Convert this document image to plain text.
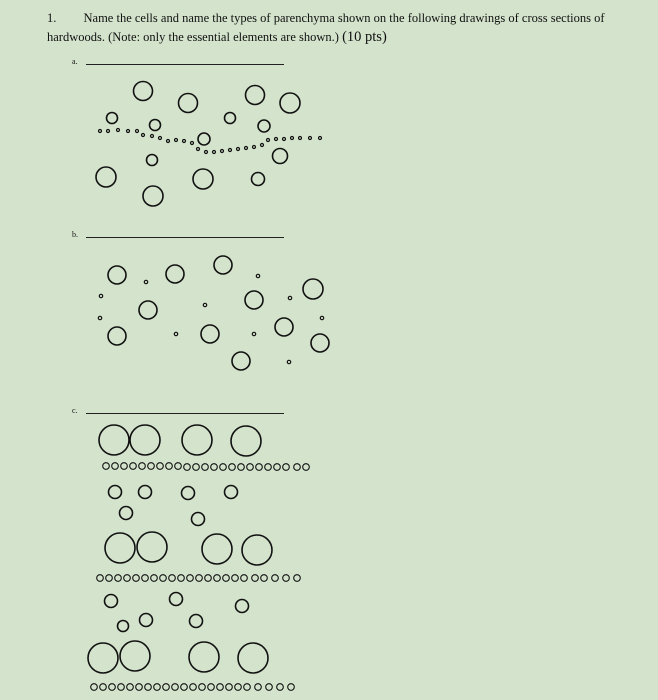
1. Name the cells and name the types of parenchyma shown on the following drawings of cross sections of hardwoods. (Note: only the essential elements are shown.) (10 pts)
a.
b.
c.
